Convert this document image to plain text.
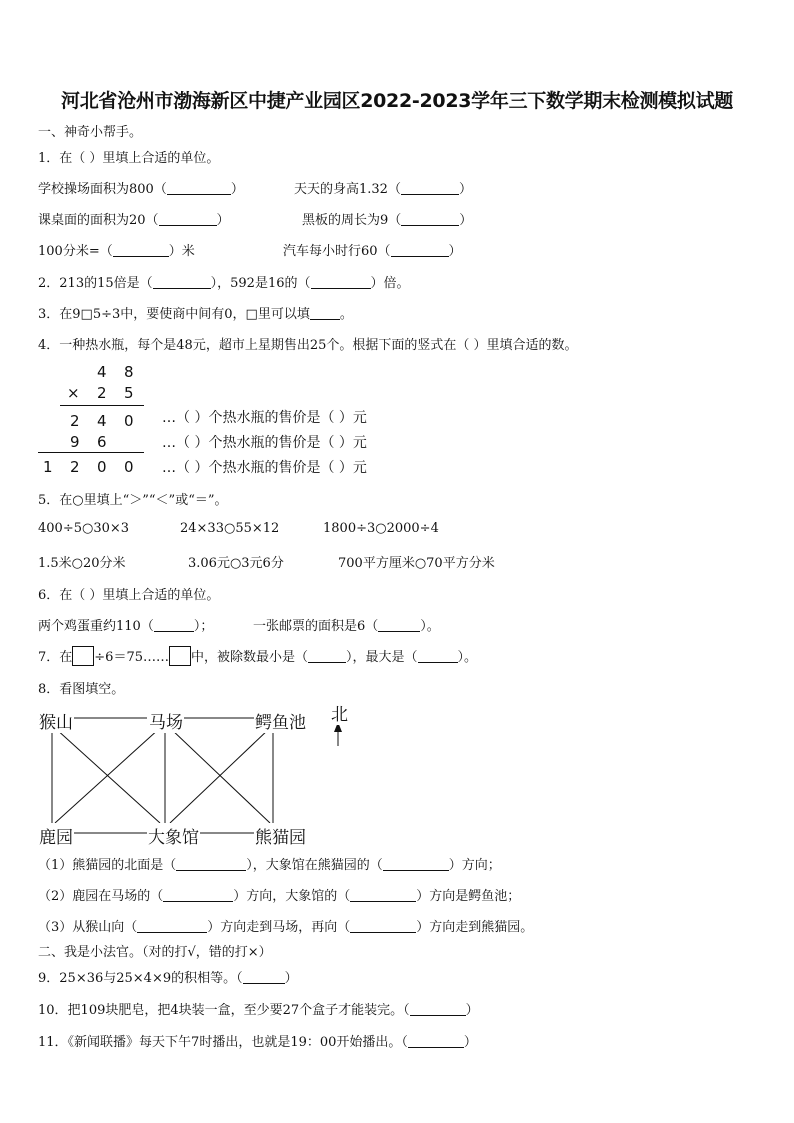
河北省沧州市渤海新区中捷产业园区2022-2023学年三下数学期末检测模拟试题
一、神奇小帮手。
1．在（ ）里填上合适的单位。
学校操场面积为800（	）	天天的身高1.32（	）
课桌面的面积为20（	）	黑板的周长为9（	）
100分米=（	）米	汽车每小时行60（	）
2．213的15倍是（	），592是16的（	）倍。
3．在9□5÷3中，要使商中间有0，□里可以填 。
4．一种热水瓶，每个是48元，超市上星期售出25个。根据下面的竖式在（ ）里填合适的数。
4 8
× 2 5
2 4 0
9 6
1 2 0 0
…（ ）个热水瓶的售价是（ ）元
…（ ）个热水瓶的售价是（ ）元
…（ ）个热水瓶的售价是（ ）元
5．在○里填上“＞”“＜”或“＝”。
400÷5○30×3	24×33○55×12	1800÷3○2000÷4
1.5米○20分米	3.06元○3元6分	700平方厘米○70平方分米
6．在（ ）里填上合适的单位。
两个鸡蛋重约110（	）；	一张邮票的面积是6（	）。
7．在 ÷6＝75…… 中，被除数最小是（	），最大是（	）。
8．看图填空。
猴山	马场	鳄鱼池
鹿园	大象馆	熊猫园
北
（1）熊猫园的北面是（	），大象馆在熊猫园的（	）方向；
（2）鹿园在马场的（	）方向，大象馆的（	）方向是鳄鱼池；
（3）从猴山向（	）方向走到马场，再向（	）方向走到熊猫园。
二、我是小法官。（对的打√，错的打×）
9．25×36与25×4×9的积相等。（	）
10．把109块肥皂，把4块装一盒，至少要27个盒子才能装完。（	）
11．《新闻联播》每天下午7时播出，也就是19：00开始播出。（	）
